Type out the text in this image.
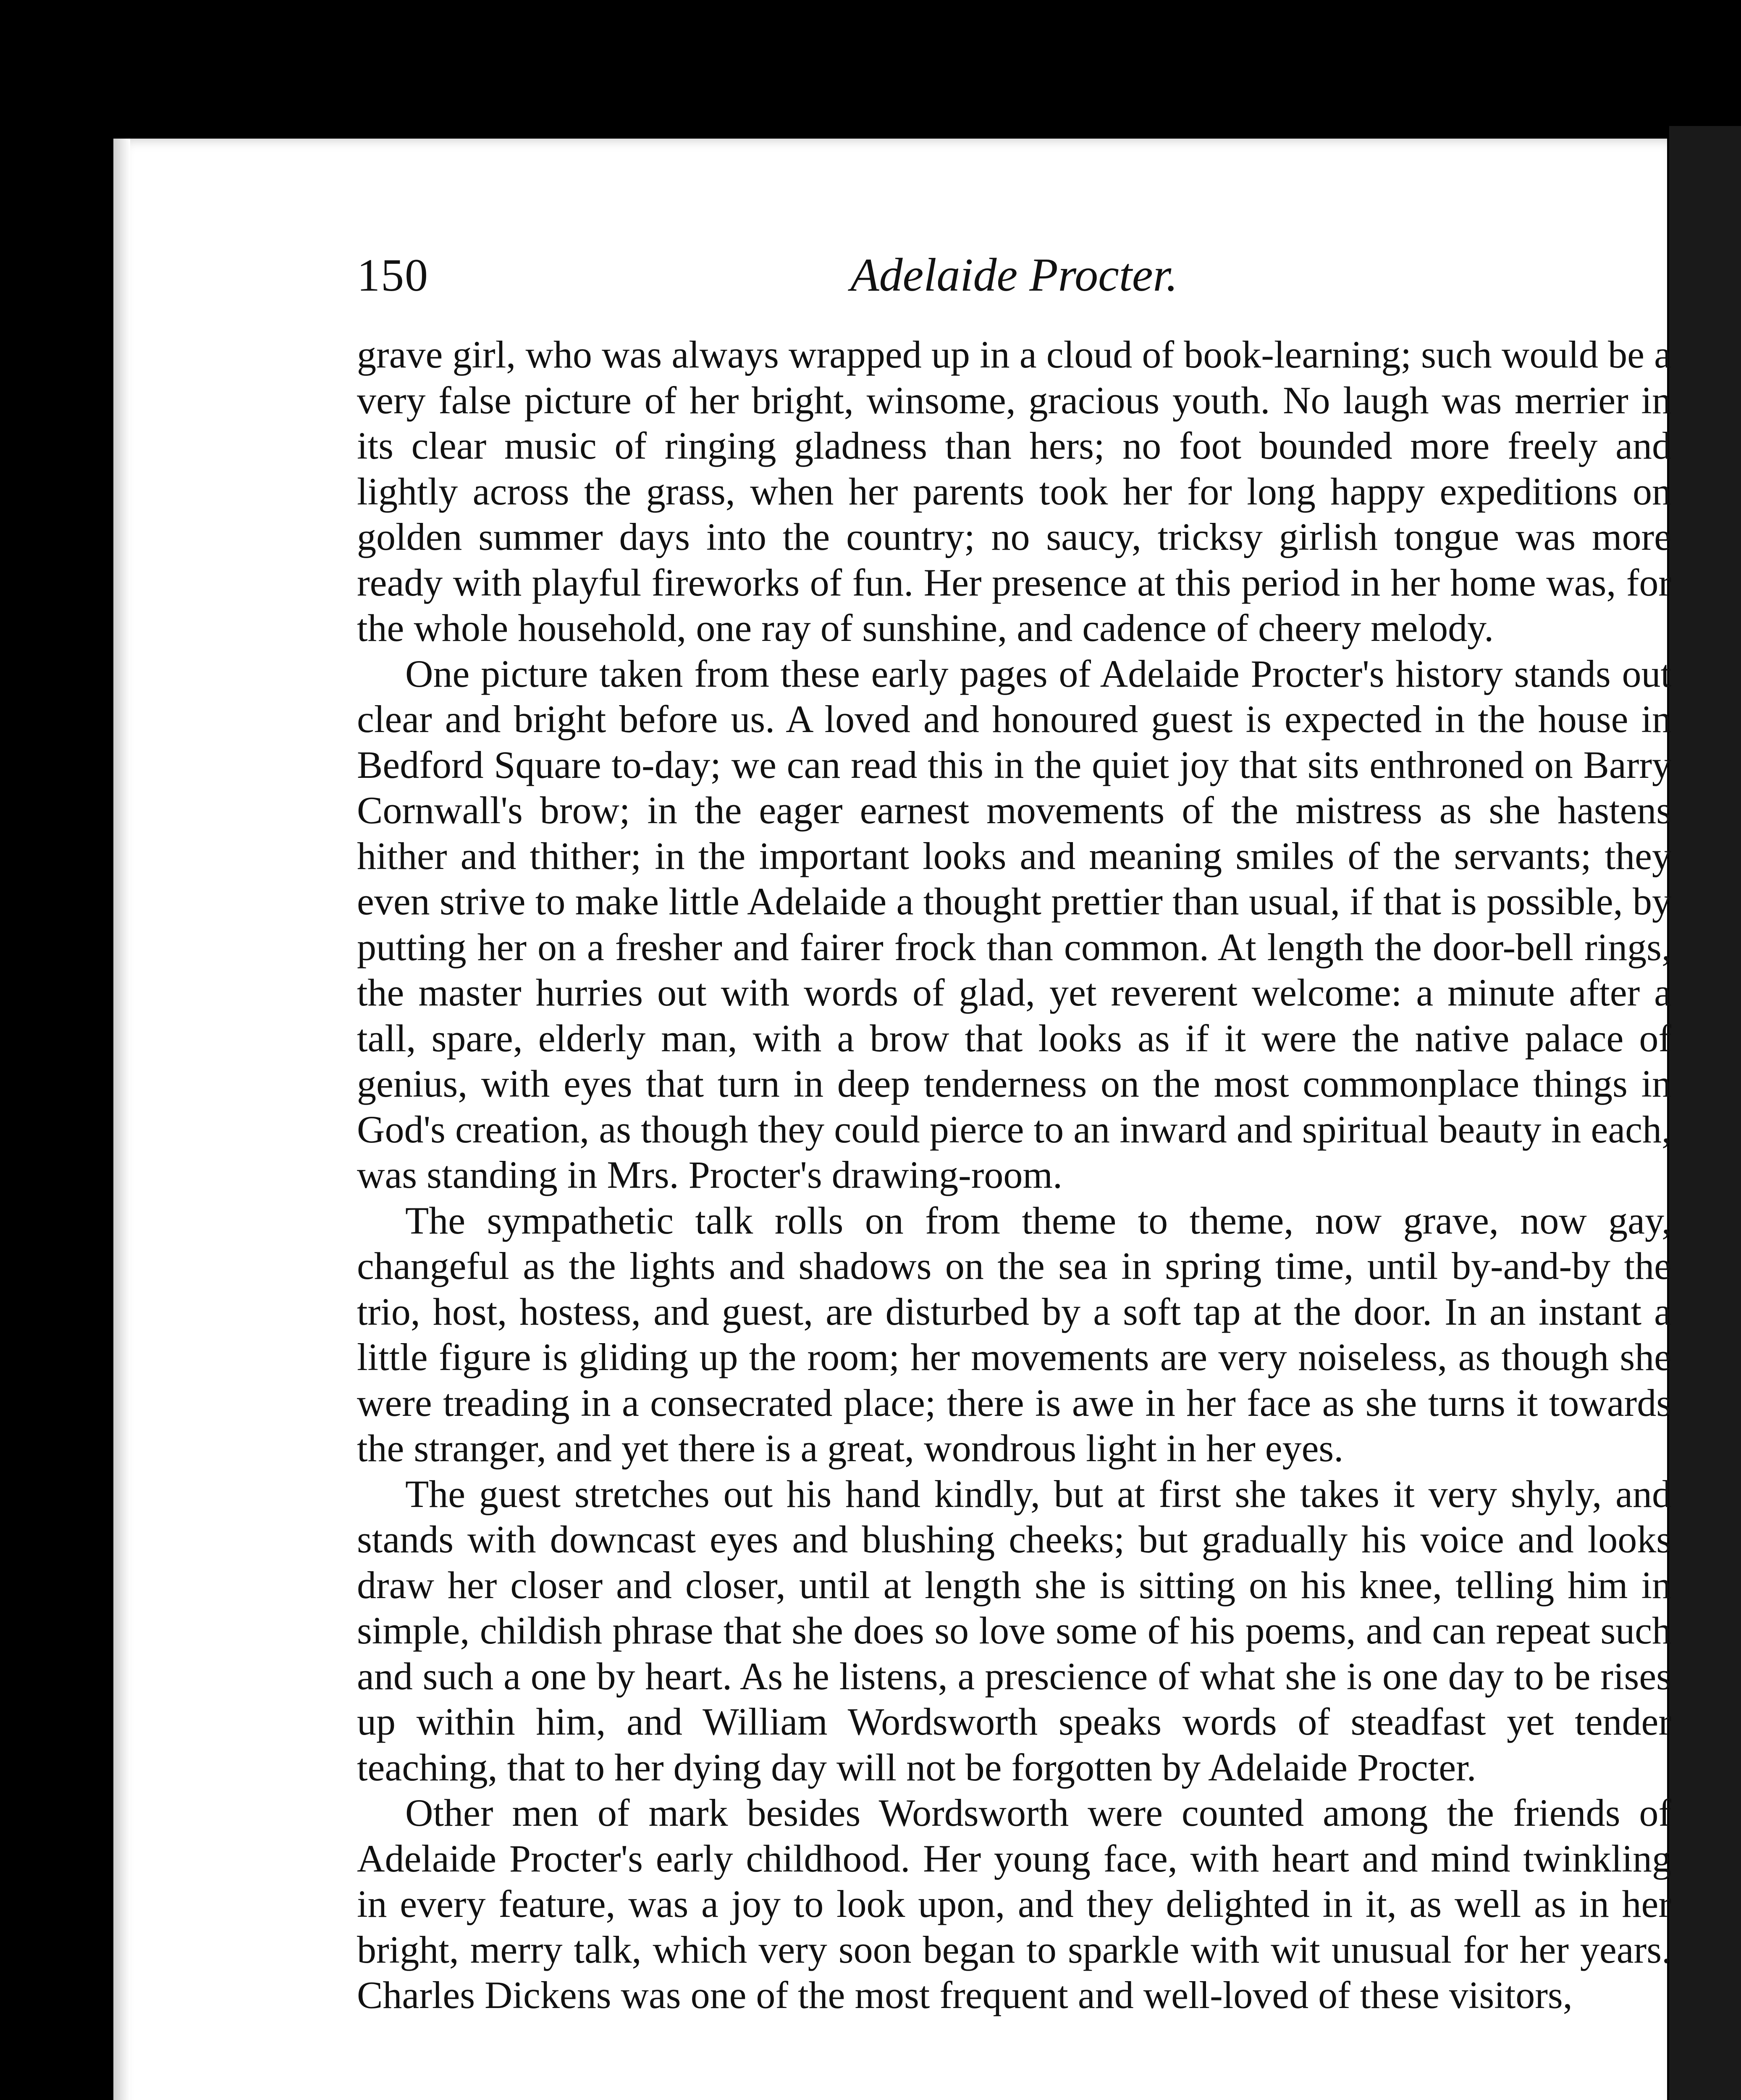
150	Adelaide Procter.

grave girl, who was always wrapped up in a cloud of book-learning; such would be a very false picture of her bright, winsome, gracious youth. No laugh was merrier in its clear music of ringing gladness than hers; no foot bounded more freely and lightly across the grass, when her parents took her for long happy expeditions on golden summer days into the country; no saucy, tricksy girlish tongue was more ready with playful fireworks of fun. Her presence at this period in her home was, for the whole household, one ray of sunshine, and cadence of cheery melody.

One picture taken from these early pages of Adelaide Procter's history stands out clear and bright before us. A loved and honoured guest is expected in the house in Bedford Square to-day; we can read this in the quiet joy that sits enthroned on Barry Cornwall's brow; in the eager earnest movements of the mistress as she hastens hither and thither; in the important looks and meaning smiles of the servants; they even strive to make little Adelaide a thought prettier than usual, if that is possible, by putting her on a fresher and fairer frock than common. At length the door-bell rings, the master hurries out with words of glad, yet reverent welcome: a minute after a tall, spare, elderly man, with a brow that looks as if it were the native palace of genius, with eyes that turn in deep tenderness on the most commonplace things in God's creation, as though they could pierce to an inward and spiritual beauty in each, was standing in Mrs. Procter's drawing-room.

The sympathetic talk rolls on from theme to theme, now grave, now gay, changeful as the lights and shadows on the sea in spring time, until by-and-by the trio, host, hostess, and guest, are disturbed by a soft tap at the door. In an instant a little figure is gliding up the room; her movements are very noiseless, as though she were treading in a consecrated place; there is awe in her face as she turns it towards the stranger, and yet there is a great, wondrous light in her eyes.

The guest stretches out his hand kindly, but at first she takes it very shyly, and stands with downcast eyes and blushing cheeks; but gradually his voice and looks draw her closer and closer, until at length she is sitting on his knee, telling him in simple, childish phrase that she does so love some of his poems, and can repeat such and such a one by heart. As he listens, a prescience of what she is one day to be rises up within him, and William Wordsworth speaks words of steadfast yet tender teaching, that to her dying day will not be forgotten by Adelaide Procter.

Other men of mark besides Wordsworth were counted among the friends of Adelaide Procter's early childhood. Her young face, with heart and mind twinkling in every feature, was a joy to look upon, and they delighted in it, as well as in her bright, merry talk, which very soon began to sparkle with wit unusual for her years. Charles Dickens was one of the most frequent and well-loved of these visitors,
